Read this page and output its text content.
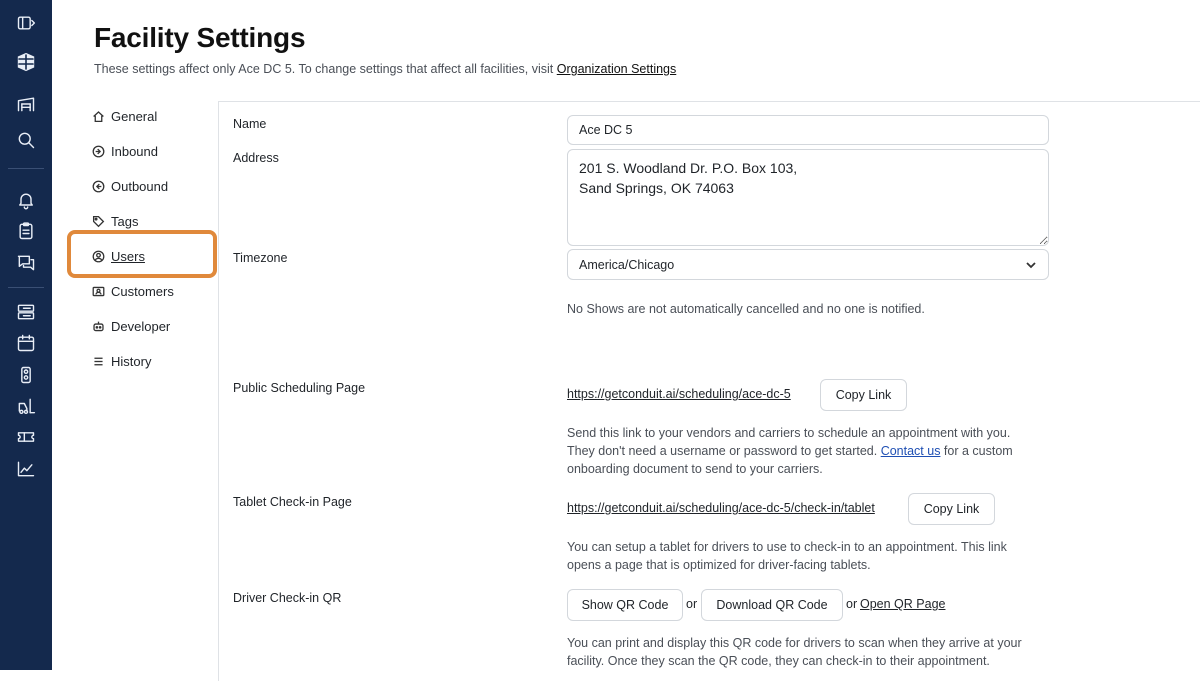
Facility Settings
These settings affect only Ace DC 5. To change settings that affect all facilities, visit Organization Settings
General
Inbound
Outbound
Tags
Users
Customers
Developer
History
Name
Ace DC 5
Address
201 S. Woodland Dr. P.O. Box 103, Sand Springs, OK 74063
Timezone	America/Chicago
No Shows are not automatically cancelled and no one is notified.
Public Scheduling Page	https://getconduit.ai/scheduling/ace-dc-5	Copy Link
Send this link to your vendors and carriers to schedule an appointment with you.
They don't need a username or password to get started. Contact us for a custom
onboarding document to send to your carriers.
Tablet Check-in Page	https://getconduit.ai/scheduling/ace-dc-5/check-in/tablet	Copy Link
You can setup a tablet for drivers to use to check-in to an appointment. This link
opens a page that is optimized for driver-facing tablets.
Driver Check-in QR	Show QR Code	or	Download QR Code	or Open QR Page
You can print and display this QR code for drivers to scan when they arrive at your
facility. Once they scan the QR code, they can check-in to their appointment.
